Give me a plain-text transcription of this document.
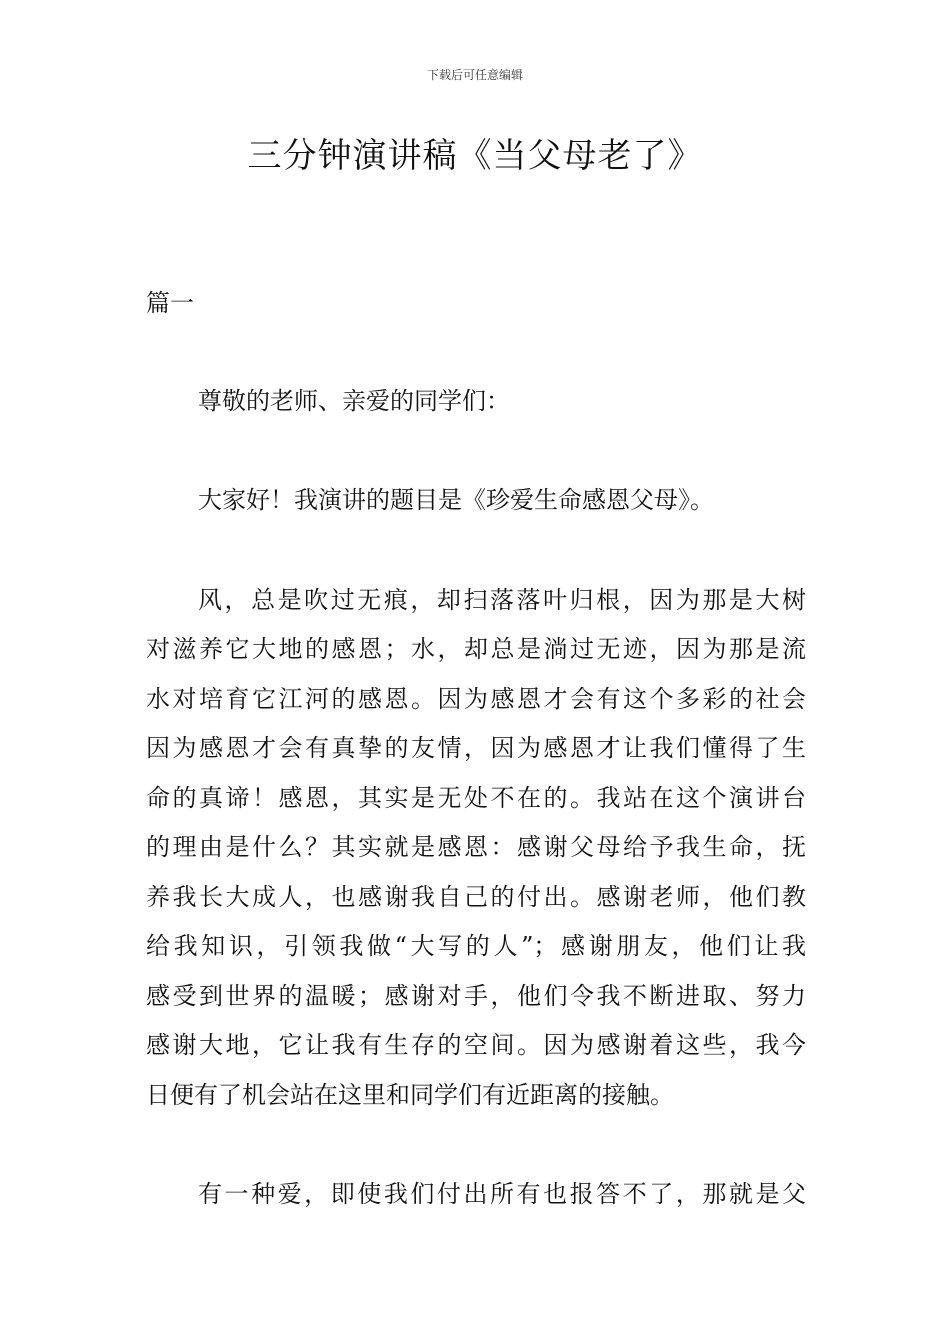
下载后可任意编辑
三分钟演讲稿《当父母老了》
篇一
尊敬的老师、亲爱的同学们：
大家好！我演讲的题目是《珍爱生命感恩父母》。
风，总是吹过无痕，却扫落落叶归根，因为那是大树
对滋养它大地的感恩；水，却总是淌过无迹，因为那是流
水对培育它江河的感恩。因为感恩才会有这个多彩的社会
因为感恩才会有真挚的友情，因为感恩才让我们懂得了生
命的真谛！感恩，其实是无处不在的。我站在这个演讲台
的理由是什么？其实就是感恩：感谢父母给予我生命，抚
养我长大成人，也感谢我自己的付出。感谢老师，他们教
给我知识，引领我做“大写的人”；感谢朋友，他们让我
感受到世界的温暖；感谢对手，他们令我不断进取、努力
感谢大地，它让我有生存的空间。因为感谢着这些，我今
日便有了机会站在这里和同学们有近距离的接触。
有一种爱，即使我们付出所有也报答不了，那就是父
